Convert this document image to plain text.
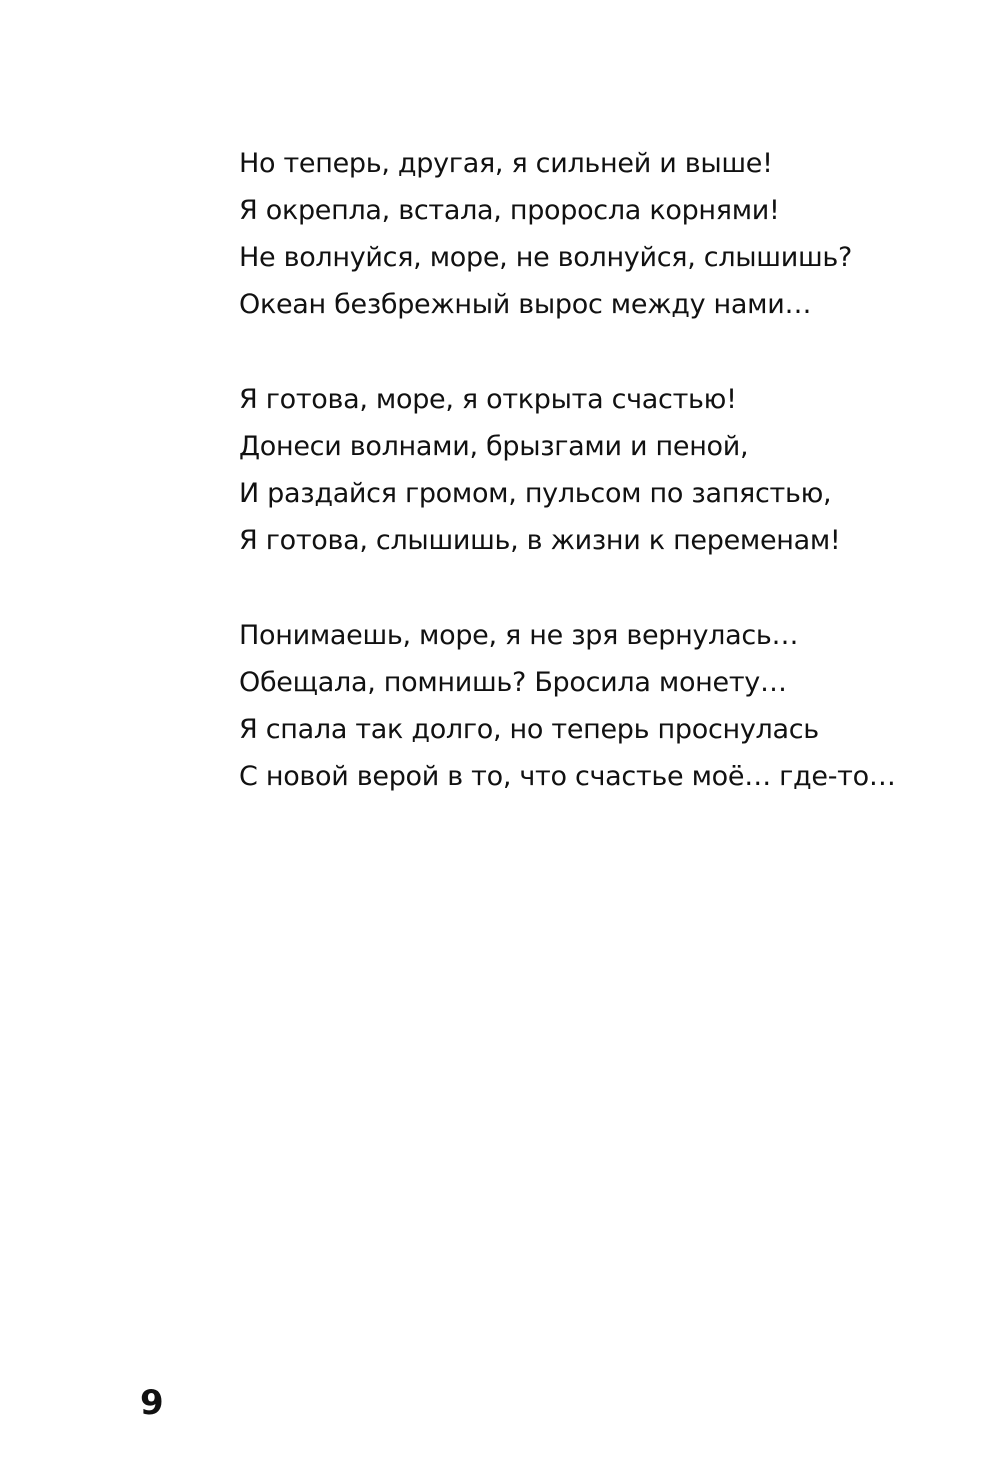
Но теперь, другая, я сильней и выше!
Я окрепла, встала, проросла корнями!
Не волнуйся, море, не волнуйся, слышишь?
Океан безбрежный вырос между нами…
Я готова, море, я открыта счастью!
Донеси волнами, брызгами и пеной,
И раздайся громом, пульсом по запястью,
Я готова, слышишь, в жизни к переменам!
Понимаешь, море, я не зря вернулась…
Обещала, помнишь? Бросила монету…
Я спала так долго, но теперь проснулась
С новой верой в то, что счастье моё… где-то…
9
